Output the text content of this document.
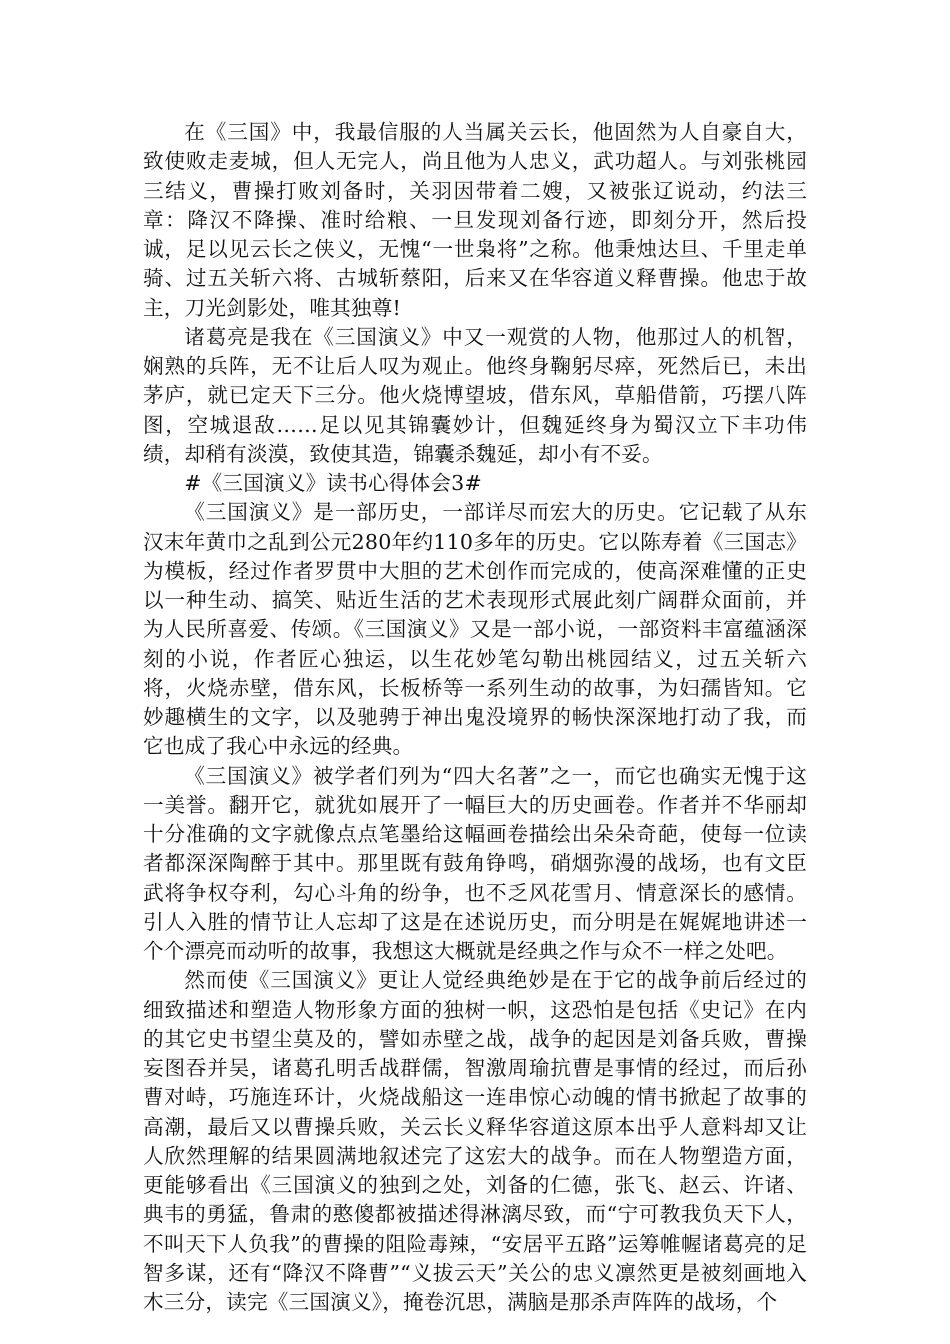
在《三国》中，我最信服的人当属关云长，他固然为人自豪自大，致使败走麦城，但人无完人，尚且他为人忠义，武功超人。与刘张桃园三结义，曹操打败刘备时，关羽因带着二嫂，又被张辽说动，约法三章：降汉不降操、准时给粮、一旦发现刘备行迹，即刻分开，然后投诚，足以见云长之侠义，无愧“一世枭将”之称。他秉烛达旦、千里走单骑、过五关斩六将、古城斩蔡阳，后来又在华容道义释曹操。他忠于故主，刀光剑影处，唯其独尊!

诸葛亮是我在《三国演义》中又一观赏的人物，他那过人的机智，娴熟的兵阵，无不让后人叹为观止。他终身鞠躬尽瘁，死然后已，未出茅庐，就已定天下三分。他火烧博望坡，借东风，草船借箭，巧摆八阵图，空城退敌……足以见其锦囊妙计，但魏延终身为蜀汉立下丰功伟绩，却稍有淡漠，致使其造，锦囊杀魏延，却小有不妥。

#《三国演义》读书心得体会3#

《三国演义》是一部历史，一部详尽而宏大的历史。它记载了从东汉末年黄巾之乱到公元280年约110多年的历史。它以陈寿着《三国志》为模板，经过作者罗贯中大胆的艺术创作而完成的，使高深难懂的正史以一种生动、搞笑、贴近生活的艺术表现形式展此刻广阔群众面前，并为人民所喜爱、传颂。《三国演义》又是一部小说，一部资料丰富蕴涵深刻的小说，作者匠心独运，以生花妙笔勾勒出桃园结义，过五关斩六将，火烧赤壁，借东风，长板桥等一系列生动的故事，为妇孺皆知。它妙趣横生的文字，以及驰骋于神出鬼没境界的畅快深深地打动了我，而它也成了我心中永远的经典。

《三国演义》被学者们列为“四大名著”之一，而它也确实无愧于这一美誉。翻开它，就犹如展开了一幅巨大的历史画卷。作者并不华丽却十分准确的文字就像点点笔墨给这幅画卷描绘出朵朵奇葩，使每一位读者都深深陶醉于其中。那里既有鼓角铮鸣，硝烟弥漫的战场，也有文臣武将争权夺利，勾心斗角的纷争，也不乏风花雪月、情意深长的感情。引人入胜的情节让人忘却了这是在述说历史，而分明是在娓娓地讲述一个个漂亮而动听的故事，我想这大概就是经典之作与众不一样之处吧。

然而使《三国演义》更让人觉经典绝妙是在于它的战争前后经过的细致描述和塑造人物形象方面的独树一帜，这恐怕是包括《史记》在内的其它史书望尘莫及的，譬如赤壁之战，战争的起因是刘备兵败，曹操妄图吞并吴，诸葛孔明舌战群儒，智激周瑜抗曹是事情的经过，而后孙曹对峙，巧施连环计，火烧战船这一连串惊心动魄的情书掀起了故事的高潮，最后又以曹操兵败，关云长义释华容道这原本出乎人意料却又让人欣然理解的结果圆满地叙述完了这宏大的战争。而在人物塑造方面，更能够看出《三国演义的独到之处，刘备的仁德，张飞、赵云、许诸、典韦的勇猛，鲁肃的憨傻都被描述得淋漓尽致，而“宁可教我负天下人，不叫天下人负我”的曹操的阻险毒辣，“安居平五路”运筹帷幄诸葛亮的足智多谋，还有“降汉不降曹”“义拔云天”关公的忠义凛然更是被刻画地入木三分，读完《三国演义》，掩卷沉思，满脑是那杀声阵阵的战场，个
